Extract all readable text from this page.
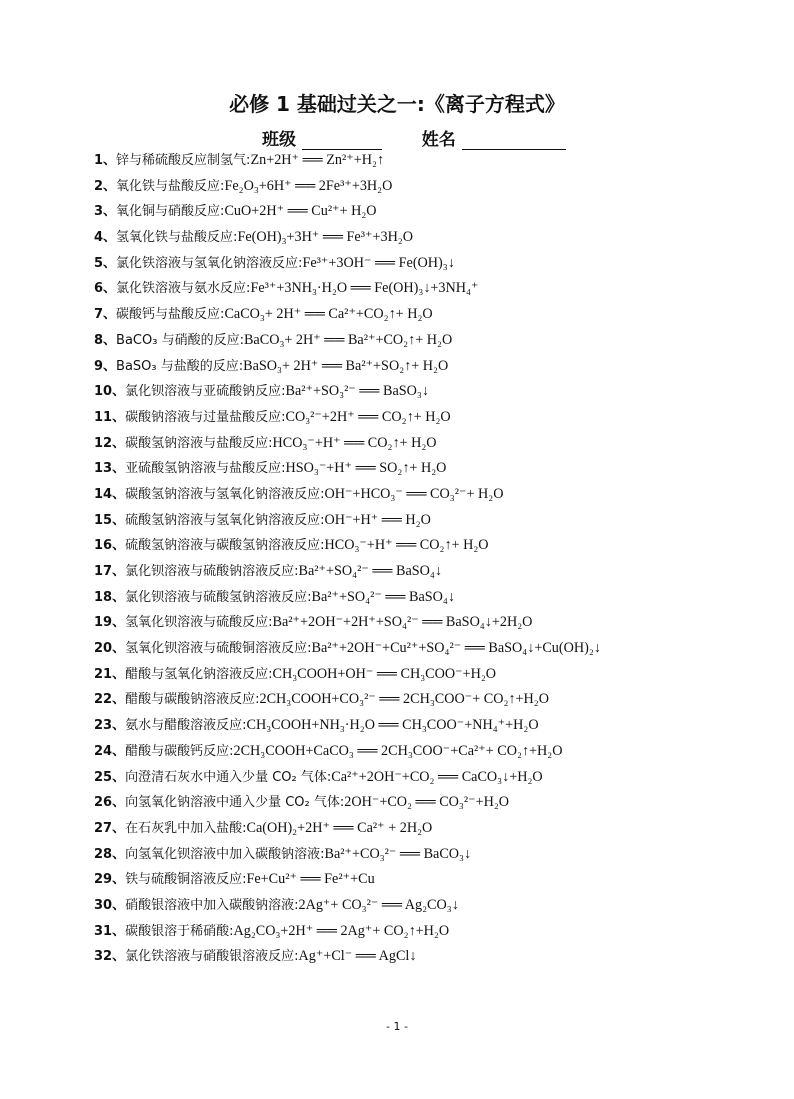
必修 1 基础过关之一:《离子方程式》
班级	姓名
1、锌与稀硫酸反应制氢气:Zn+2H⁺ ══ Zn²⁺+H₂↑
2、氧化铁与盐酸反应:Fe₂O₃+6H⁺ ══ 2Fe³⁺+3H₂O
3、氧化铜与硝酸反应:CuO+2H⁺ ══ Cu²⁺+ H₂O
4、氢氧化铁与盐酸反应:Fe(OH)₃+3H⁺ ══ Fe³⁺+3H₂O
5、氯化铁溶液与氢氧化钠溶液反应:Fe³⁺+3OH⁻ ══ Fe(OH)₃↓
6、氯化铁溶液与氨水反应:Fe³⁺+3NH₃·H₂O ══ Fe(OH)₃↓+3NH₄⁺
7、碳酸钙与盐酸反应:CaCO₃+ 2H⁺ ══ Ca²⁺+CO₂↑+ H₂O
8、BaCO₃ 与硝酸的反应:BaCO₃+ 2H⁺ ══ Ba²⁺+CO₂↑+ H₂O
9、BaSO₃ 与盐酸的反应:BaSO₃+ 2H⁺ ══ Ba²⁺+SO₂↑+ H₂O
10、氯化钡溶液与亚硫酸钠反应:Ba²⁺+SO₃²⁻ ══ BaSO₃↓
11、碳酸钠溶液与过量盐酸反应:CO₃²⁻+2H⁺ ══ CO₂↑+ H₂O
12、碳酸氢钠溶液与盐酸反应:HCO₃⁻+H⁺ ══ CO₂↑+ H₂O
13、亚硫酸氢钠溶液与盐酸反应:HSO₃⁻+H⁺ ══ SO₂↑+ H₂O
14、碳酸氢钠溶液与氢氧化钠溶液反应:OH⁻+HCO₃⁻ ══ CO₃²⁻+ H₂O
15、硫酸氢钠溶液与氢氧化钠溶液反应:OH⁻+H⁺ ══ H₂O
16、硫酸氢钠溶液与碳酸氢钠溶液反应:HCO₃⁻+H⁺ ══ CO₂↑+ H₂O
17、氯化钡溶液与硫酸钠溶液反应:Ba²⁺+SO₄²⁻ ══ BaSO₄↓
18、氯化钡溶液与硫酸氢钠溶液反应:Ba²⁺+SO₄²⁻ ══ BaSO₄↓
19、氢氧化钡溶液与硫酸反应:Ba²⁺+2OH⁻+2H⁺+SO₄²⁻ ══ BaSO₄↓+2H₂O
20、氢氧化钡溶液与硫酸铜溶液反应:Ba²⁺+2OH⁻+Cu²⁺+SO₄²⁻ ══ BaSO₄↓+Cu(OH)₂↓
21、醋酸与氢氧化钠溶液反应:CH₃COOH+OH⁻ ══ CH₃COO⁻+H₂O
22、醋酸与碳酸钠溶液反应:2CH₃COOH+CO₃²⁻ ══ 2CH₃COO⁻+ CO₂↑+H₂O
23、氨水与醋酸溶液反应:CH₃COOH+NH₃·H₂O ══ CH₃COO⁻+NH₄⁺+H₂O
24、醋酸与碳酸钙反应:2CH₃COOH+CaCO₃ ══ 2CH₃COO⁻+Ca²⁺+ CO₂↑+H₂O
25、向澄清石灰水中通入少量 CO₂ 气体:Ca²⁺+2OH⁻+CO₂ ══ CaCO₃↓+H₂O
26、向氢氧化钠溶液中通入少量 CO₂ 气体:2OH⁻+CO₂ ══ CO₃²⁻+H₂O
27、在石灰乳中加入盐酸:Ca(OH)₂+2H⁺ ══ Ca²⁺ + 2H₂O
28、向氢氧化钡溶液中加入碳酸钠溶液:Ba²⁺+CO₃²⁻ ══ BaCO₃↓
29、铁与硫酸铜溶液反应:Fe+Cu²⁺ ══ Fe²⁺+Cu
30、硝酸银溶液中加入碳酸钠溶液:2Ag⁺+ CO₃²⁻ ══ Ag₂CO₃↓
31、碳酸银溶于稀硝酸:Ag₂CO₃+2H⁺ ══ 2Ag⁺+ CO₂↑+H₂O
32、氯化铁溶液与硝酸银溶液反应:Ag⁺+Cl⁻ ══ AgCl↓
- 1 -
